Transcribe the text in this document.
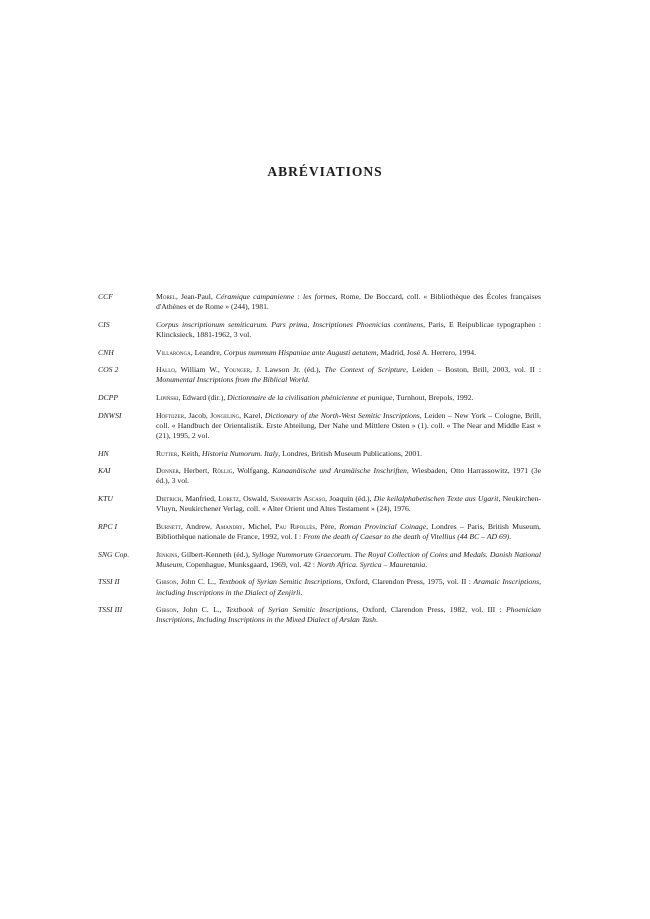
ABRÉVIATIONS
CCF	Morel, Jean-Paul, Céramique campanienne : les formes, Rome, De Boccard, coll. « Bibliothèque des Écoles françaises d'Athènes et de Rome » (244), 1981.
CIS	Corpus inscriptionum semiticarum. Pars prima, Inscriptiones Phoenicias continens, Paris, E Reipublicae typographeo : Klincksieck, 1881-1962, 3 vol.
CNH	Villaronga, Leandre, Corpus nummum Hispaniae ante Augusti aetatem, Madrid, José A. Herrero, 1994.
COS 2	Hallo, William W., Younger, J. Lawson Jr. (éd.), The Context of Scripture, Leiden – Boston, Brill, 2003, vol. II : Monumental Inscriptions from the Biblical World.
DCPP	Lipiński, Edward (dir.), Dictionnaire de la civilisation phénicienne et punique, Turnhout, Brepols, 1992.
DNWSI	Hoftijzer, Jacob, Jongeling, Karel, Dictionary of the North-West Semitic Inscriptions, Leiden – New York – Cologne, Brill, coll. « Handbuch der Orientalistik. Erste Abteilung, Der Nahe und Mittlere Osten » (1). coll. « The Near and Middle East » (21), 1995, 2 vol.
HN	Rutter, Keith, Historia Numorum. Italy, Londres, British Museum Publications, 2001.
KAI	Donner, Herbert, Röllig, Wolfgang, Kanaanäische und Aramäische Inschriften, Wiesbaden, Otto Harrassowitz, 1971 (3e éd.), 3 vol.
KTU	Dietrich, Manfried, Loretz, Oswald, Sanmartín Ascaso, Joaquín (éd.), Die keilalphabetischen Texte aus Ugarit, Neukirchen-Vluyn, Neukirchener Verlag, coll. « Alter Orient und Altes Testament » (24), 1976.
RPC I	Burnett, Andrew, Amandry, Michel, Pau Ripollès, Père, Roman Provincial Coinage, Londres – Paris, British Museum, Bibliothèque nationale de France, 1992, vol. I : From the death of Caesar to the death of Vitellius (44 BC – AD 69).
SNG Cop.	Jenkins, Gilbert-Kenneth (éd.), Sylloge Nummorum Graecorum. The Royal Collection of Coins and Medals. Danish National Museum, Copenhague, Munksgaard, 1969, vol. 42 : North Africa. Syrtica – Mauretania.
TSSI II	Gibson, John C. L., Textbook of Syrian Semitic Inscriptions, Oxford, Clarendon Press, 1975, vol. II : Aramaic Inscriptions, including Inscriptions in the Dialect of Zenjirli.
TSSI III	Gibson, John C. L., Textbook of Syrian Semitic Inscriptions, Oxford, Clarendon Press, 1982, vol. III : Phoenician Inscriptions, Including Inscriptions in the Mixed Dialect of Arslan Tash.
